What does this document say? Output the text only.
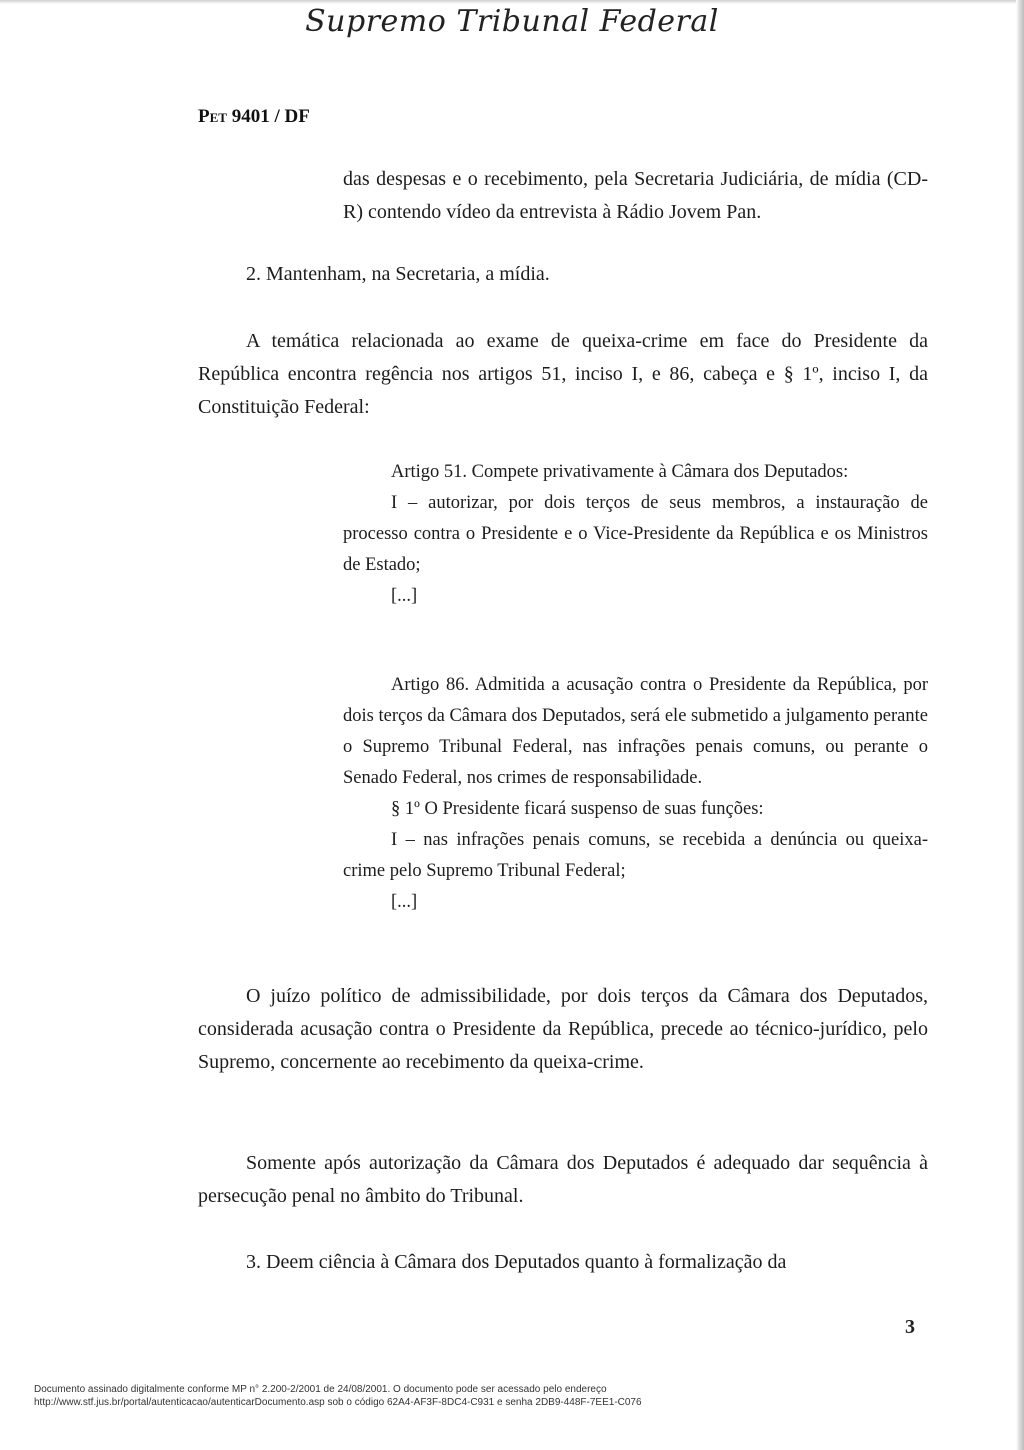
Supremo Tribunal Federal
Pet 9401 / DF
das despesas e o recebimento, pela Secretaria Judiciária, de mídia (CD-R) contendo vídeo da entrevista à Rádio Jovem Pan.
2. Mantenham, na Secretaria, a mídia.
A temática relacionada ao exame de queixa-crime em face do Presidente da República encontra regência nos artigos 51, inciso I, e 86, cabeça e § 1º, inciso I, da Constituição Federal:

Artigo 51. Compete privativamente à Câmara dos Deputados:

I – autorizar, por dois terços de seus membros, a instauração de processo contra o Presidente e o Vice-Presidente da República e os Ministros de Estado;

[...]

Artigo 86. Admitida a acusação contra o Presidente da República, por dois terços da Câmara dos Deputados, será ele submetido a julgamento perante o Supremo Tribunal Federal, nas infrações penais comuns, ou perante o Senado Federal, nos crimes de responsabilidade.

§ 1º O Presidente ficará suspenso de suas funções:

I – nas infrações penais comuns, se recebida a denúncia ou queixa-crime pelo Supremo Tribunal Federal;

[...]

O juízo político de admissibilidade, por dois terços da Câmara dos Deputados, considerada acusação contra o Presidente da República, precede ao técnico-jurídico, pelo Supremo, concernente ao recebimento da queixa-crime.
Somente após autorização da Câmara dos Deputados é adequado dar sequência à persecução penal no âmbito do Tribunal.
3. Deem ciência à Câmara dos Deputados quanto à formalização da
3
Documento assinado digitalmente conforme MP n° 2.200-2/2001 de 24/08/2001. O documento pode ser acessado pelo endereço
http://www.stf.jus.br/portal/autenticacao/autenticarDocumento.asp sob o código 62A4-AF3F-8DC4-C931 e senha 2DB9-448F-7EE1-C076
